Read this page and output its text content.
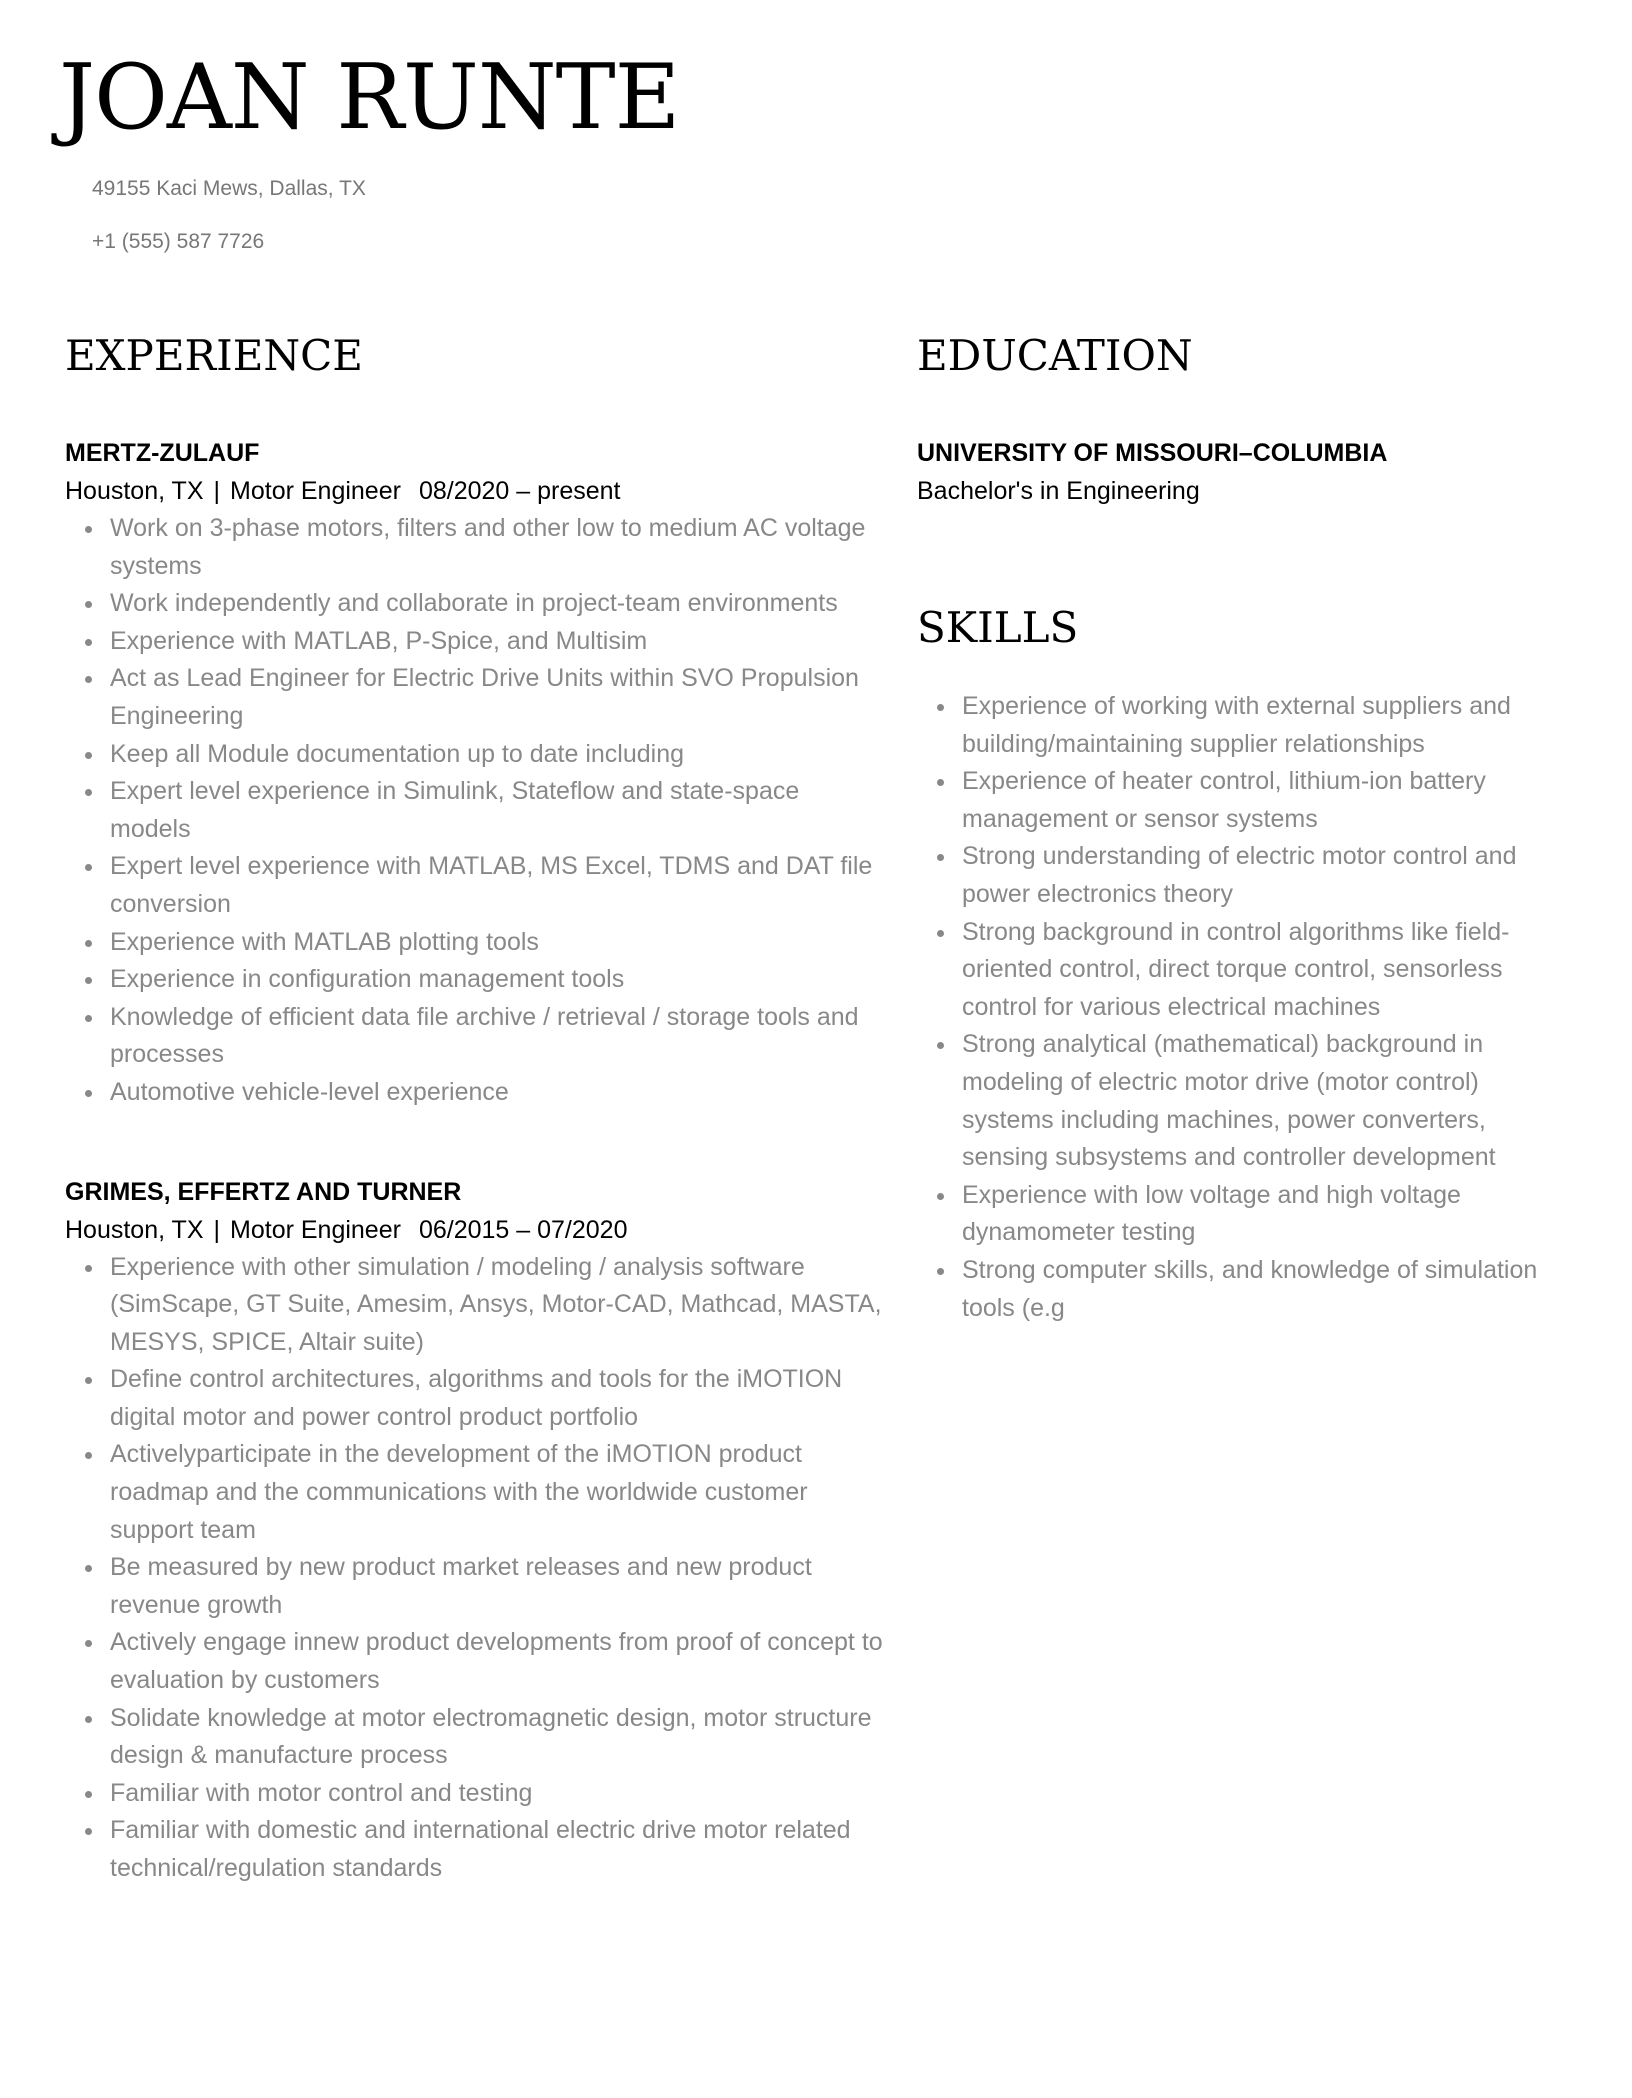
JOAN RUNTE
49155 Kaci Mews, Dallas, TX
+1 (555) 587 7726
EXPERIENCE
MERTZ-ZULAUF
Houston, TX | Motor Engineer 08/2020 – present
Work on 3-phase motors, filters and other low to medium AC voltage systems
Work independently and collaborate in project-team environments
Experience with MATLAB, P-Spice, and Multisim
Act as Lead Engineer for Electric Drive Units within SVO Propulsion Engineering
Keep all Module documentation up to date including
Expert level experience in Simulink, Stateflow and state-space models
Expert level experience with MATLAB, MS Excel, TDMS and DAT file conversion
Experience with MATLAB plotting tools
Experience in configuration management tools
Knowledge of efficient data file archive / retrieval / storage tools and processes
Automotive vehicle-level experience
GRIMES, EFFERTZ AND TURNER
Houston, TX | Motor Engineer 06/2015 – 07/2020
Experience with other simulation / modeling / analysis software (SimScape, GT Suite, Amesim, Ansys, Motor-CAD, Mathcad, MASTA, MESYS, SPICE, Altair suite)
Define control architectures, algorithms and tools for the iMOTION digital motor and power control product portfolio
Activelyparticipate in the development of the iMOTION product roadmap and the communications with the worldwide customer support team
Be measured by new product market releases and new product revenue growth
Actively engage innew product developments from proof of concept to evaluation by customers
Solidate knowledge at motor electromagnetic design, motor structure design & manufacture process
Familiar with motor control and testing
Familiar with domestic and international electric drive motor related technical/regulation standards
EDUCATION
UNIVERSITY OF MISSOURI–COLUMBIA
Bachelor's in Engineering
SKILLS
Experience of working with external suppliers and building/maintaining supplier relationships
Experience of heater control, lithium-ion battery management or sensor systems
Strong understanding of electric motor control and power electronics theory
Strong background in control algorithms like field-oriented control, direct torque control, sensorless control for various electrical machines
Strong analytical (mathematical) background in modeling of electric motor drive (motor control) systems including machines, power converters, sensing subsystems and controller development
Experience with low voltage and high voltage dynamometer testing
Strong computer skills, and knowledge of simulation tools (e.g
